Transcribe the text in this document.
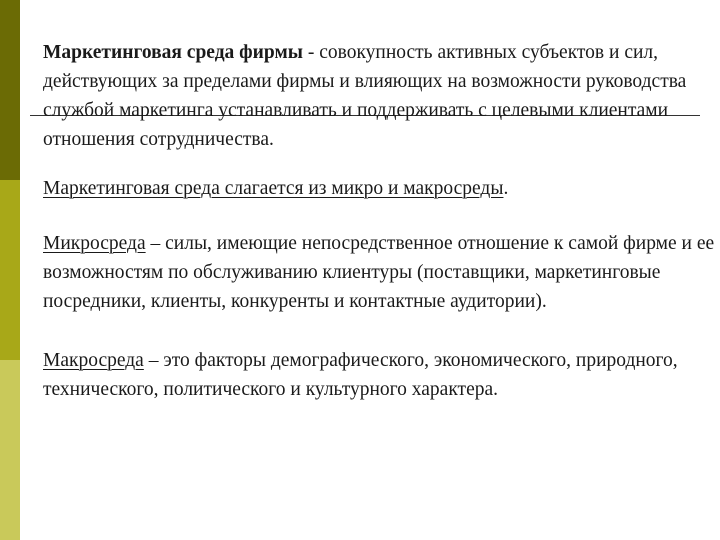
Маркетинговая среда фирмы - совокупность активных субъектов и сил, действующих за пределами фирмы и влияющих на возможности руководства службой маркетинга устанавливать и поддерживать с целевыми клиентами отношения сотрудничества.

Маркетинговая среда слагается из микро и макросреды.

Микросреда – силы, имеющие непосредственное отношение к самой фирме и ее возможностям по обслуживанию клиентуры (поставщики, маркетинговые посредники, клиенты, конкуренты и контактные аудитории).

Макросреда – это факторы демографического, экономического, природного, технического, политического и культурного характера.
